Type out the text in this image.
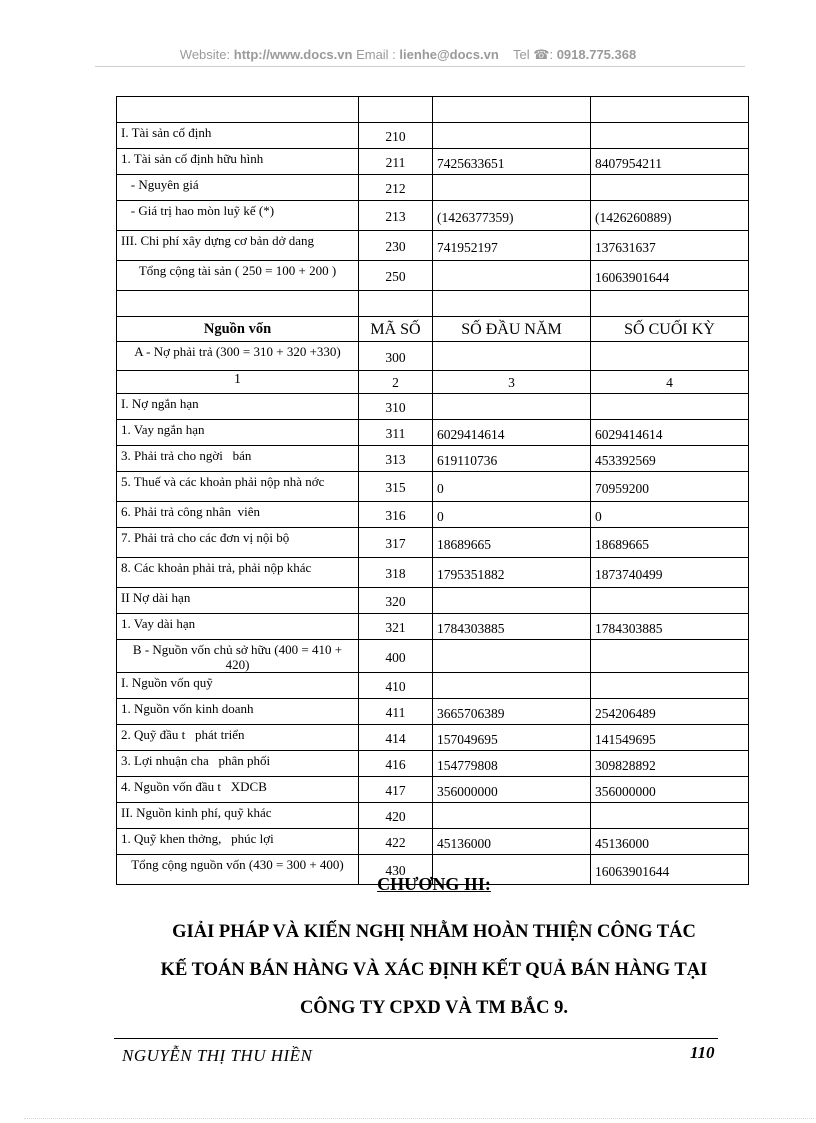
Website: http://www.docs.vn Email : lienhe@docs.vn Tel ☎: 0918.775.368

I. Tài sản cố định	210		
1. Tài sản cố định hữu hình	211	7425633651	8407954211
- Nguyên giá	212		
- Giá trị hao mòn luỹ kế (*)	213	(1426377359)	(1426260889)
III. Chi phí xây dựng cơ bản dở dang	230	741952197	137631637
Tổng cộng tài sản ( 250 = 100 + 200 )	250		16063901644

Nguồn vốn	MÃ SỐ	SỐ ĐẦU NĂM	SỐ CUỐI KỲ
A - Nợ phải trả (300 = 310 + 320 +330)	300		
1	2	3	4
I. Nợ ngắn hạn	310		
1. Vay ngắn hạn	311	6029414614	6029414614
3. Phải trả cho ngời   bán	313	619110736	453392569
5. Thuế và các khoản phải nộp nhà nớc	315	0	70959200
6. Phải trả công nhân  viên	316	0	0
7. Phải trả cho các đơn vị nội bộ	317	18689665	18689665
8. Các khoản phải trả, phải nộp khác	318	1795351882	1873740499
II Nợ dài hạn	320		
1. Vay dài hạn	321	1784303885	1784303885
B - Nguồn vốn chủ sở hữu (400 = 410 + 420)	400		
I. Nguồn vốn quỹ	410		
1. Nguồn vốn kinh doanh	411	3665706389	254206489
2. Quỹ đầu t   phát triển	414	157049695	141549695
3. Lợi nhuận cha   phân phối	416	154779808	309828892
4. Nguồn vốn đầu t   XDCB	417	356000000	356000000
II. Nguồn kinh phí, quỹ khác	420		
1. Quỹ khen thởng,   phúc lợi	422	45136000	45136000
Tổng cộng nguồn vốn (430 = 300 + 400)	430		16063901644
CHƯƠNG III:
GIẢI PHÁP VÀ KIẾN NGHỊ NHẰM HOÀN THIỆN CÔNG TÁC
KẾ TOÁN BÁN HÀNG VÀ XÁC ĐỊNH KẾT QUẢ BÁN HÀNG TẠI
CÔNG TY CPXD VÀ TM BẮC 9.
NGUYỄN THỊ THU HIỀN	110
